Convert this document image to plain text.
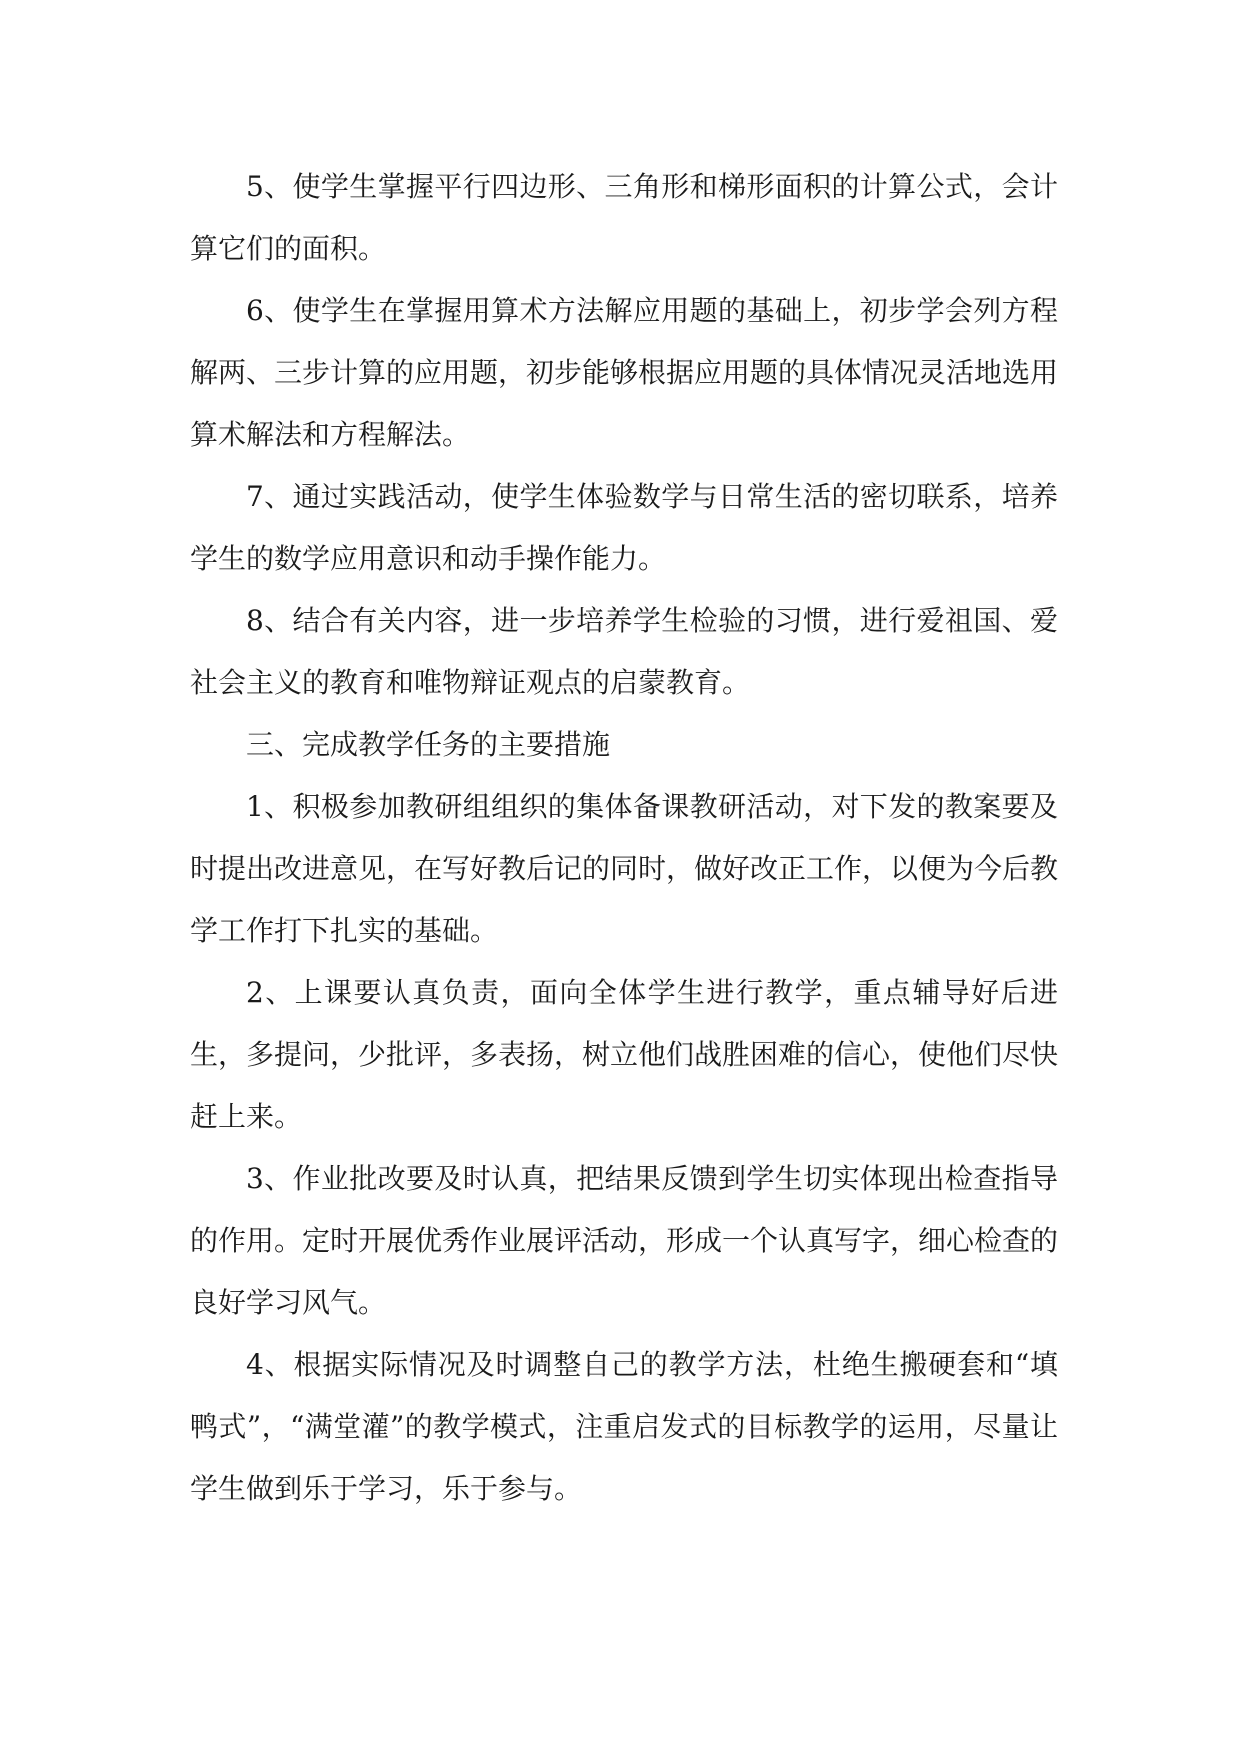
5、使学生掌握平行四边形、三角形和梯形面积的计算公式，会计算它们的面积。

6、使学生在掌握用算术方法解应用题的基础上，初步学会列方程解两、三步计算的应用题，初步能够根据应用题的具体情况灵活地选用算术解法和方程解法。

7、通过实践活动，使学生体验数学与日常生活的密切联系，培养学生的数学应用意识和动手操作能力。

8、结合有关内容，进一步培养学生检验的习惯，进行爱祖国、爱社会主义的教育和唯物辩证观点的启蒙教育。

三、完成教学任务的主要措施

1、积极参加教研组组织的集体备课教研活动，对下发的教案要及时提出改进意见，在写好教后记的同时，做好改正工作，以便为今后教学工作打下扎实的基础。

2、上课要认真负责，面向全体学生进行教学，重点辅导好后进生，多提问，少批评，多表扬，树立他们战胜困难的信心，使他们尽快赶上来。

3、作业批改要及时认真，把结果反馈到学生切实体现出检查指导的作用。定时开展优秀作业展评活动，形成一个认真写字，细心检查的良好学习风气。

4、根据实际情况及时调整自己的教学方法，杜绝生搬硬套和“填鸭式”，“满堂灌”的教学模式，注重启发式的目标教学的运用，尽量让学生做到乐于学习，乐于参与。
